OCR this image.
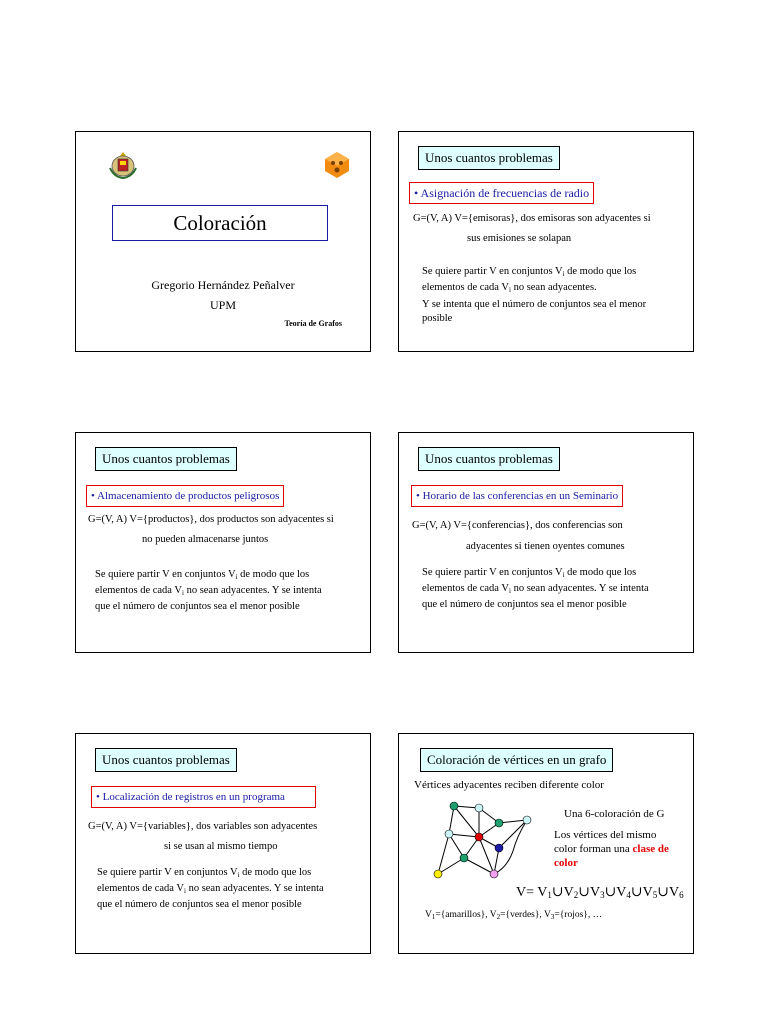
Coloración
Gregorio Hernández Peñalver
UPM
Teoría de Grafos
Unos cuantos problemas
• Asignación de frecuencias de radio
G=(V, A) V={emisoras}, dos emisoras son adyacentes si
sus emisiones se solapan
Se quiere partir V en conjuntos $V_i$ de modo que los
elementos de cada $V_i$ no sean adyacentes.
Y se intenta que el número de conjuntos sea el menor
posible
Unos cuantos problemas
• Almacenamiento de productos peligrosos
G=(V, A) V={productos}, dos productos son adyacentes si
no pueden almacenarse juntos
Se quiere partir V en conjuntos $V_i$ de modo que los
elementos de cada $V_i$ no sean adyacentes. Y se intenta
que el número de conjuntos sea el menor posible
Unos cuantos problemas
• Horario de las conferencias en un Seminario
G=(V, A) V={conferencias}, dos conferencias son
adyacentes si tienen oyentes comunes
Se quiere partir V en conjuntos $V_i$ de modo que los
elementos de cada $V_i$ no sean adyacentes. Y se intenta
que el número de conjuntos sea el menor posible
Unos cuantos problemas
• Localización de registros en un programa
G=(V, A) V={variables}, dos variables son adyacentes
si se usan al mismo tiempo
Se quiere partir V en conjuntos $V_i$ de modo que los
elementos de cada $V_i$ no sean adyacentes. Y se intenta
que el número de conjuntos sea el menor posible
Coloración de vértices en un grafo
Vértices adyacentes reciben diferente color
Una 6-coloración de G
Los vértices del mismo
color forman una clase de
color
$V= V_1\cup V_2\cup V_3\cup V_4\cup V_5\cup V_6$
$V_1=\{amarillos\}$, $V_2=\{verdes\}$, $V_3=\{rojos\}$, …
